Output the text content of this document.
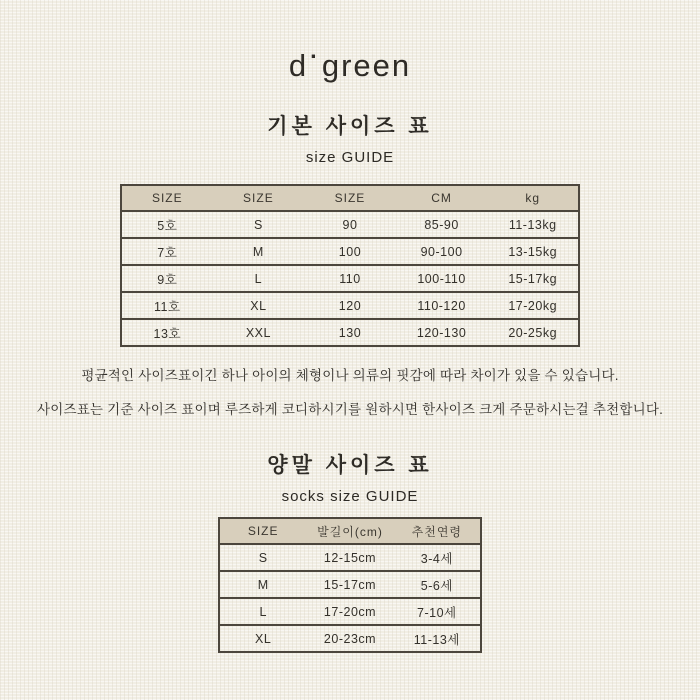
d·green
기본 사이즈 표
size GUIDE
SIZE	SIZE	SIZE	CM	kg
5호	S	90	85-90	11-13kg
7호	M	100	90-100	13-15kg
9호	L	110	100-110	15-17kg
11호	XL	120	110-120	17-20kg
13호	XXL	130	120-130	20-25kg
평균적인 사이즈표이긴 하나 아이의 체형이나 의류의 핏감에 따라 차이가 있을 수 있습니다.
사이즈표는 기준 사이즈 표이며 루즈하게 코디하시기를 원하시면 한사이즈 크게 주문하시는걸 추천합니다.
양말 사이즈 표
socks size GUIDE
SIZE	발길이(cm)	추천연령
S	12-15cm	3-4세
M	15-17cm	5-6세
L	17-20cm	7-10세
XL	20-23cm	11-13세
